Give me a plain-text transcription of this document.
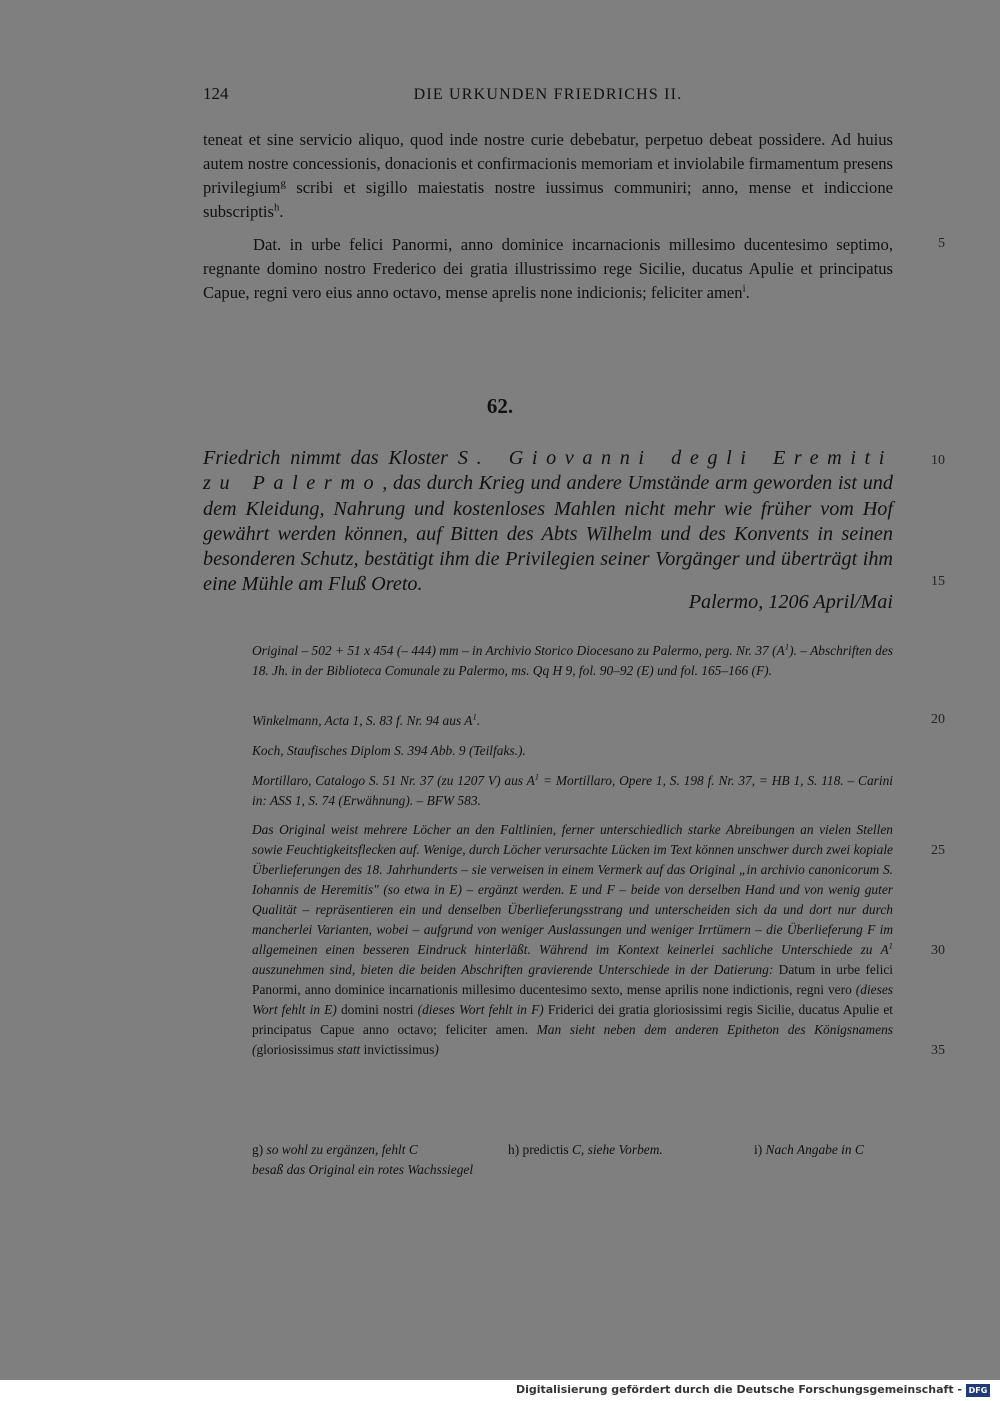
124	DIE URKUNDEN FRIEDRICHS II.
teneat et sine servicio aliquo, quod inde nostre curie debebatur, perpetuo debeat possidere. Ad huius autem nostre concessionis, donacionis et confirmacionis memoriam et inviolabile firmamentum presens privilegium$^g$ scribi et sigillo maiestatis nostre iussimus communiri; anno, mense et indiccione subscriptis$^h$.
Dat. in urbe felici Panormi, anno dominice incarnacionis millesimo ducentesimo septimo, regnante domino nostro Frederico dei gratia illustrissimo rege Sicilie, ducatus Apulie et principatus Capue, regni vero eius anno octavo, mense aprelis none indicionis; feliciter amen$^i$.
62.
Friedrich nimmt das Kloster S. Giovanni degli Eremiti zu Palermo, das durch Krieg und andere Umstände arm geworden ist und dem Kleidung, Nahrung und kostenloses Mahlen nicht mehr wie früher vom Hof gewährt werden können, auf Bitten des Abts Wilhelm und des Konvents in seinen besonderen Schutz, bestätigt ihm die Privilegien seiner Vorgänger und überträgt ihm eine Mühle am Fluß Oreto.
Palermo, 1206 April/Mai
Original – 502 + 51 x 454 (– 444) mm – in Archivio Storico Diocesano zu Palermo, perg. Nr. 37 $(A^1)$. – Abschriften des 18. Jh. in der Biblioteca Comunale zu Palermo, ms. Qq H 9, fol. 90–92 (E) und fol. 165–166 (F).
Winkelmann, Acta 1, S. 83 f. Nr. 94 aus $A^1$.
Koch, Staufisches Diplom S. 394 Abb. 9 (Teilfaks.).
Mortillaro, Catalogo S. 51 Nr. 37 (zu 1207 V) aus $A^1$ = Mortillaro, Opere 1, S. 198 f. Nr. 37, = HB 1, S. 118. – Carini in: ASS 1, S. 74 (Erwähnung). – BFW 583.
Das Original weist mehrere Löcher an den Faltlinien, ferner unterschiedlich starke Abreibungen an vielen Stellen sowie Feuchtigkeitsflecken auf. Wenige, durch Löcher verursachte Lücken im Text können unschwer durch zwei kopiale Überlieferungen des 18. Jahrhunderts – sie verweisen in einem Vermerk auf das Original „in archivio canonicorum S. Iohannis de Heremitis" (so etwa in E) – ergänzt werden. E und F – beide von derselben Hand und von wenig guter Qualität – repräsentieren ein und denselben Überlieferungsstrang und unterscheiden sich da und dort nur durch mancherlei Varianten, wobei – aufgrund von weniger Auslassungen und weniger Irrtümern – die Überlieferung F im allgemeinen einen besseren Eindruck hinterläßt. Während im Kontext keinerlei sachliche Unterschiede zu $A^1$ auszunehmen sind, bieten die beiden Abschriften gravierende Unterschiede in der Datierung: Datum in urbe felici Panormi, anno dominice incarnationis millesimo ducentesimo sexto, mense aprilis none indictionis, regni vero (dieses Wort fehlt in E) domini nostri (dieses Wort fehlt in F) Friderici dei gratia gloriosissimi regis Sicilie, ducatus Apulie et principatus Capue anno octavo; feliciter amen. Man sieht neben dem anderen Epitheton des Königsnamens (gloriosissimus statt invictissimus)
5
10
15
20
25
30
35
g) so wohl zu ergänzen, fehlt C	h) predictis C, siehe Vorbem.	i) Nach Angabe in C besaß das Original ein rotes Wachssiegel
Digitalisierung gefördert durch die Deutsche Forschungsgemeinschaft - DFG
